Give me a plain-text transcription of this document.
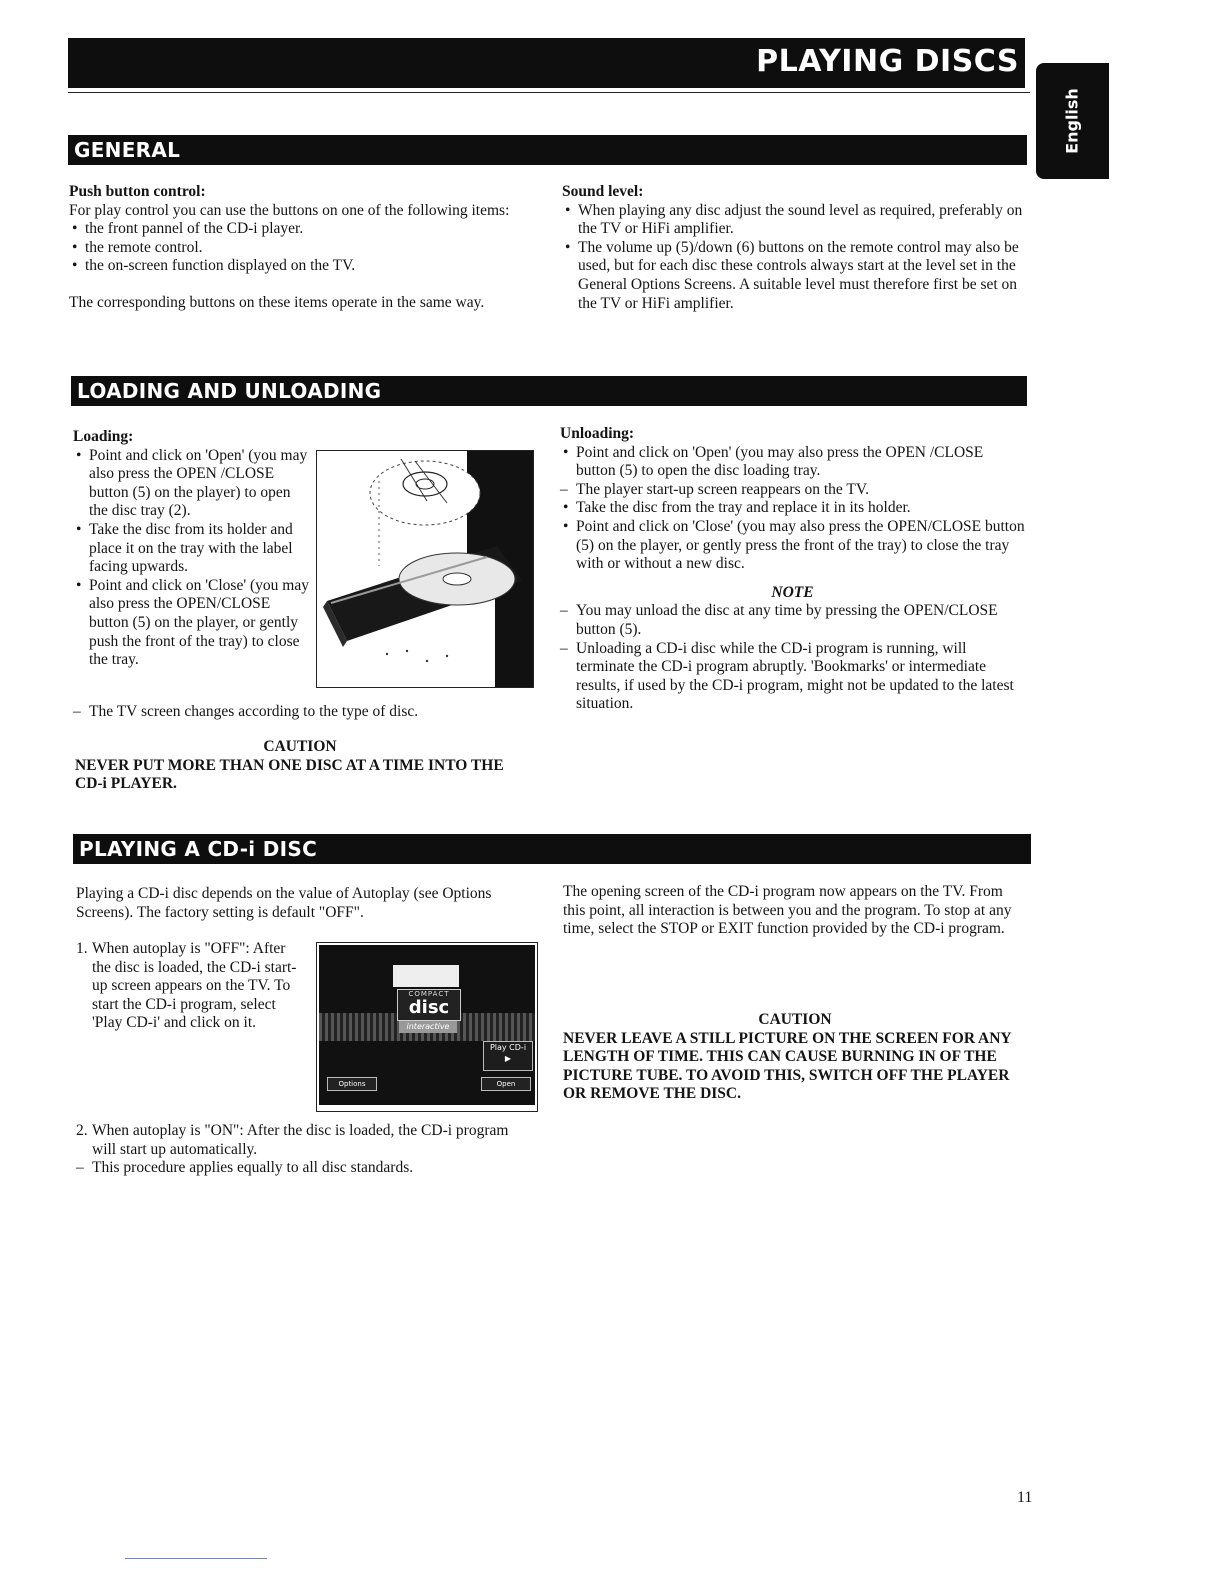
PLAYING DISCS
English
GENERAL

Push button control:

For play control you can use the buttons on one of the following items:

• the front pannel of the CD-i player.
• the remote control.
• the on-screen function displayed on the TV.

The corresponding buttons on these items operate in the same way.

Sound level:

• When playing any disc adjust the sound level as required, preferably on the TV or HiFi amplifier.
• The volume up (5)/down (6) buttons on the remote control may also be used, but for each disc these controls always start at the level set in the General Options Screens. A suitable level must therefore first be set on the TV or HiFi amplifier.
LOADING AND UNLOADING

Loading:

• Point and click on 'Open' (you may also press the OPEN /CLOSE button (5) on the player) to open the disc tray (2).
• Take the disc from its holder and place it on the tray with the label facing upwards.
• Point and click on 'Close' (you may also press the OPEN/CLOSE button (5) on the player, or gently push the front of the tray) to close the tray.
– The TV screen changes according to the type of disc.

CAUTION

NEVER PUT MORE THAN ONE DISC AT A TIME INTO THE CD-i PLAYER.

Unloading:

• Point and click on 'Open' (you may also press the OPEN /CLOSE button (5) to open the disc loading tray.
– The player start-up screen reappears on the TV.
• Take the disc from the tray and replace it in its holder.
• Point and click on 'Close' (you may also press the OPEN/CLOSE button (5) on the player, or gently press the front of the tray) to close the tray with or without a new disc.

NOTE

– You may unload the disc at any time by pressing the OPEN/CLOSE button (5).
– Unloading a CD-i disc while the CD-i program is running, will terminate the CD-i program abruptly. 'Bookmarks' or intermediate results, if used by the CD-i program, might not be updated to the latest situation.
PLAYING A CD-i DISC

Playing a CD-i disc depends on the value of Autoplay (see Options Screens). The factory setting is default "OFF".

1. When autoplay is "OFF": After the disc is loaded, the CD-i start-up screen appears on the TV. To start the CD-i program, select 'Play CD-i' and click on it.

COMPACT
disc
interactive
Play CD-i
▶
Options	Open
2. When autoplay is "ON": After the disc is loaded, the CD-i program will start up automatically.

– This procedure applies equally to all disc standards.

The opening screen of the CD-i program now appears on the TV. From this point, all interaction is between you and the program. To stop at any time, select the STOP or EXIT function provided by the CD-i program.

CAUTION

NEVER LEAVE A STILL PICTURE ON THE SCREEN FOR ANY LENGTH OF TIME. THIS CAN CAUSE BURNING IN OF THE PICTURE TUBE. TO AVOID THIS, SWITCH OFF THE PLAYER OR REMOVE THE DISC.

11
